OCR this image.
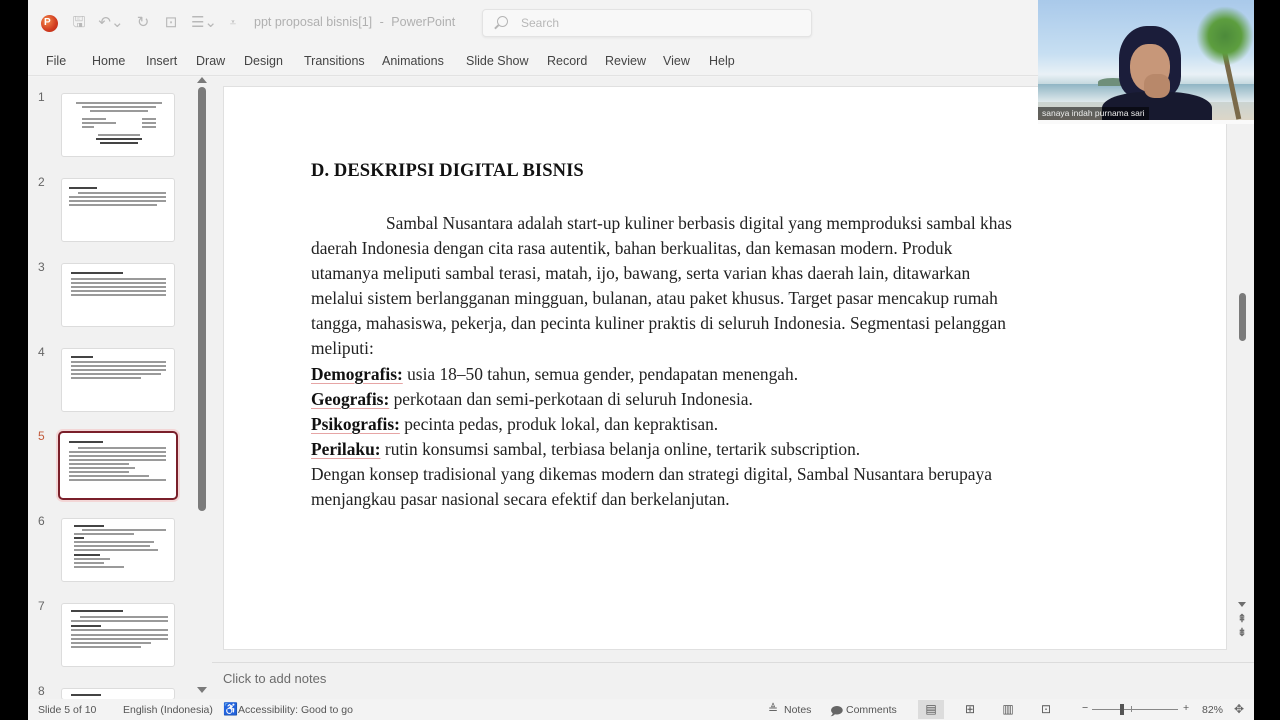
P
🖫 ↶⌄ ↻ ⊡ ☰⌄	⩡	ppt proposal bisnis[1] - PowerPoint	Search
File Home Insert Draw Design Transitions Animations Slide Show Record Review View Help
1
2
3
4
5
6
7
8
D. DESKRIPSI DIGITAL BISNIS

Sambal Nusantara adalah start-up kuliner berbasis digital yang memproduksi sambal khas

daerah Indonesia dengan cita rasa autentik, bahan berkualitas, dan kemasan modern. Produk

utamanya meliputi sambal terasi, matah, ijo, bawang, serta varian khas daerah lain, ditawarkan

melalui sistem berlangganan mingguan, bulanan, atau paket khusus. Target pasar mencakup rumah

tangga, mahasiswa, pekerja, dan pecinta kuliner praktis di seluruh Indonesia. Segmentasi pelanggan

meliputi:

Demografis: usia 18–50 tahun, semua gender, pendapatan menengah.

Geografis: perkotaan dan semi-perkotaan di seluruh Indonesia.

Psikografis: pecinta pedas, produk lokal, dan kepraktisan.

Perilaku: rutin konsumsi sambal, terbiasa belanja online, tertarik subscription.

Dengan konsep tradisional yang dikemas modern dan strategi digital, Sambal Nusantara berupaya

menjangkau pasar nasional secara efektif dan berkelanjutan.

⇞
⇟
Click to add notes
Slide 5 of 10	English (Indonesia) ♿ Accessibility: Good to go	≜ Notes 🗩 Comments	▤	⊞	▥	⊡	−	+ 82% ✥
sanaya indah purnama sari
